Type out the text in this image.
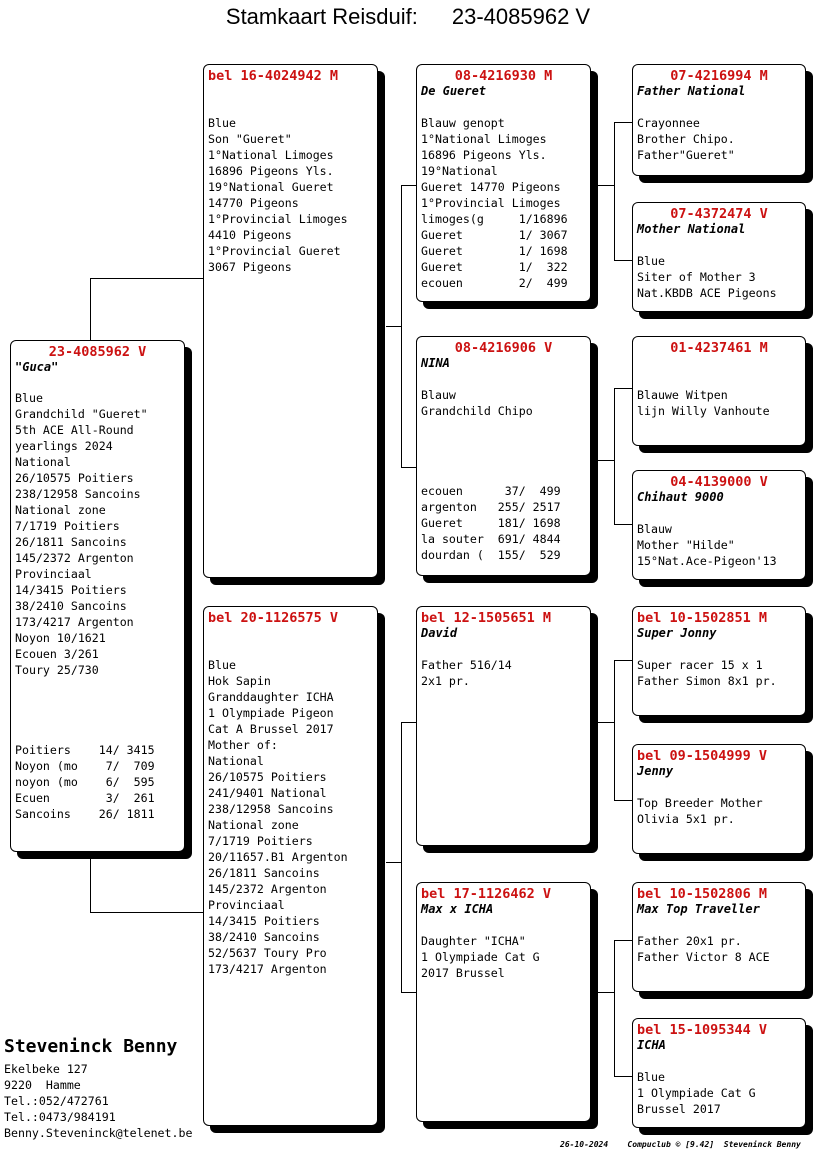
Stamkaart Reisduif: 23-4085962 V
23-4085962 V
"Guca"
Blue
Grandchild "Gueret"
5th ACE All-Round
yearlings 2024
National
26/10575 Poitiers
238/12958 Sancoins
National zone
7/1719 Poitiers
26/1811 Sancoins
145/2372 Argenton
Provinciaal
14/3415 Poitiers
38/2410 Sancoins
173/4217 Argenton
Noyon 10/1621
Ecouen 3/261
Toury 25/730
Poitiers    14/ 3415
Noyon (mo    7/  709
noyon (mo    6/  595
Ecuen        3/  261
Sancoins    26/ 1811
bel 16-4024942 M
Blue
Son "Gueret"
1°National Limoges
16896 Pigeons Yls.
19°National Gueret
14770 Pigeons
1°Provincial Limoges
4410 Pigeons
1°Provincial Gueret
3067 Pigeons
bel 20-1126575 V
Blue
Hok Sapin
Granddaughter ICHA
1 Olympiade Pigeon
Cat A Brussel 2017
Mother of:
National
26/10575 Poitiers
241/9401 National
238/12958 Sancoins
National zone
7/1719 Poitiers
20/11657.B1 Argenton
26/1811 Sancoins
145/2372 Argenton
Provinciaal
14/3415 Poitiers
38/2410 Sancoins
52/5637 Toury Pro
173/4217 Argenton
08-4216930 M
De Gueret
Blauw genopt
1°National Limoges
16896 Pigeons Yls.
19°National
Gueret 14770 Pigeons
1°Provincial Limoges
limoges(g     1/16896
Gueret        1/ 3067
Gueret        1/ 1698
Gueret        1/  322
ecouen        2/  499
08-4216906 V
NINA
Blauw
Grandchild Chipo
ecouen      37/  499
argenton   255/ 2517
Gueret     181/ 1698
la souter  691/ 4844
dourdan (  155/  529
bel 12-1505651 M
David
Father 516/14
2x1 pr.
bel 17-1126462 V
Max x ICHA
Daughter "ICHA"
1 Olympiade Cat G
2017 Brussel
07-4216994 M
Father National
Crayonnee
Brother Chipo.
Father"Gueret"
07-4372474 V
Mother National
Blue
Siter of Mother 3
Nat.KBDB ACE Pigeons
01-4237461 M
Blauwe Witpen
lijn Willy Vanhoute
04-4139000 V
Chihaut 9000
Blauw
Mother "Hilde"
15°Nat.Ace-Pigeon'13
bel 10-1502851 M
Super Jonny
Super racer 15 x 1
Father Simon 8x1 pr.
bel 09-1504999 V
Jenny
Top Breeder Mother
Olivia 5x1 pr.
bel 10-1502806 M
Max Top Traveller
Father 20x1 pr.
Father Victor 8 ACE
bel 15-1095344 V
ICHA
Blue
1 Olympiade Cat G
Brussel 2017
Steveninck Benny
Ekelbeke 127
9220  Hamme
Tel.:052/472761
Tel.:0473/984191
Benny.Steveninck@telenet.be
26-10-2024    Compuclub © [9.42]  Steveninck Benny
